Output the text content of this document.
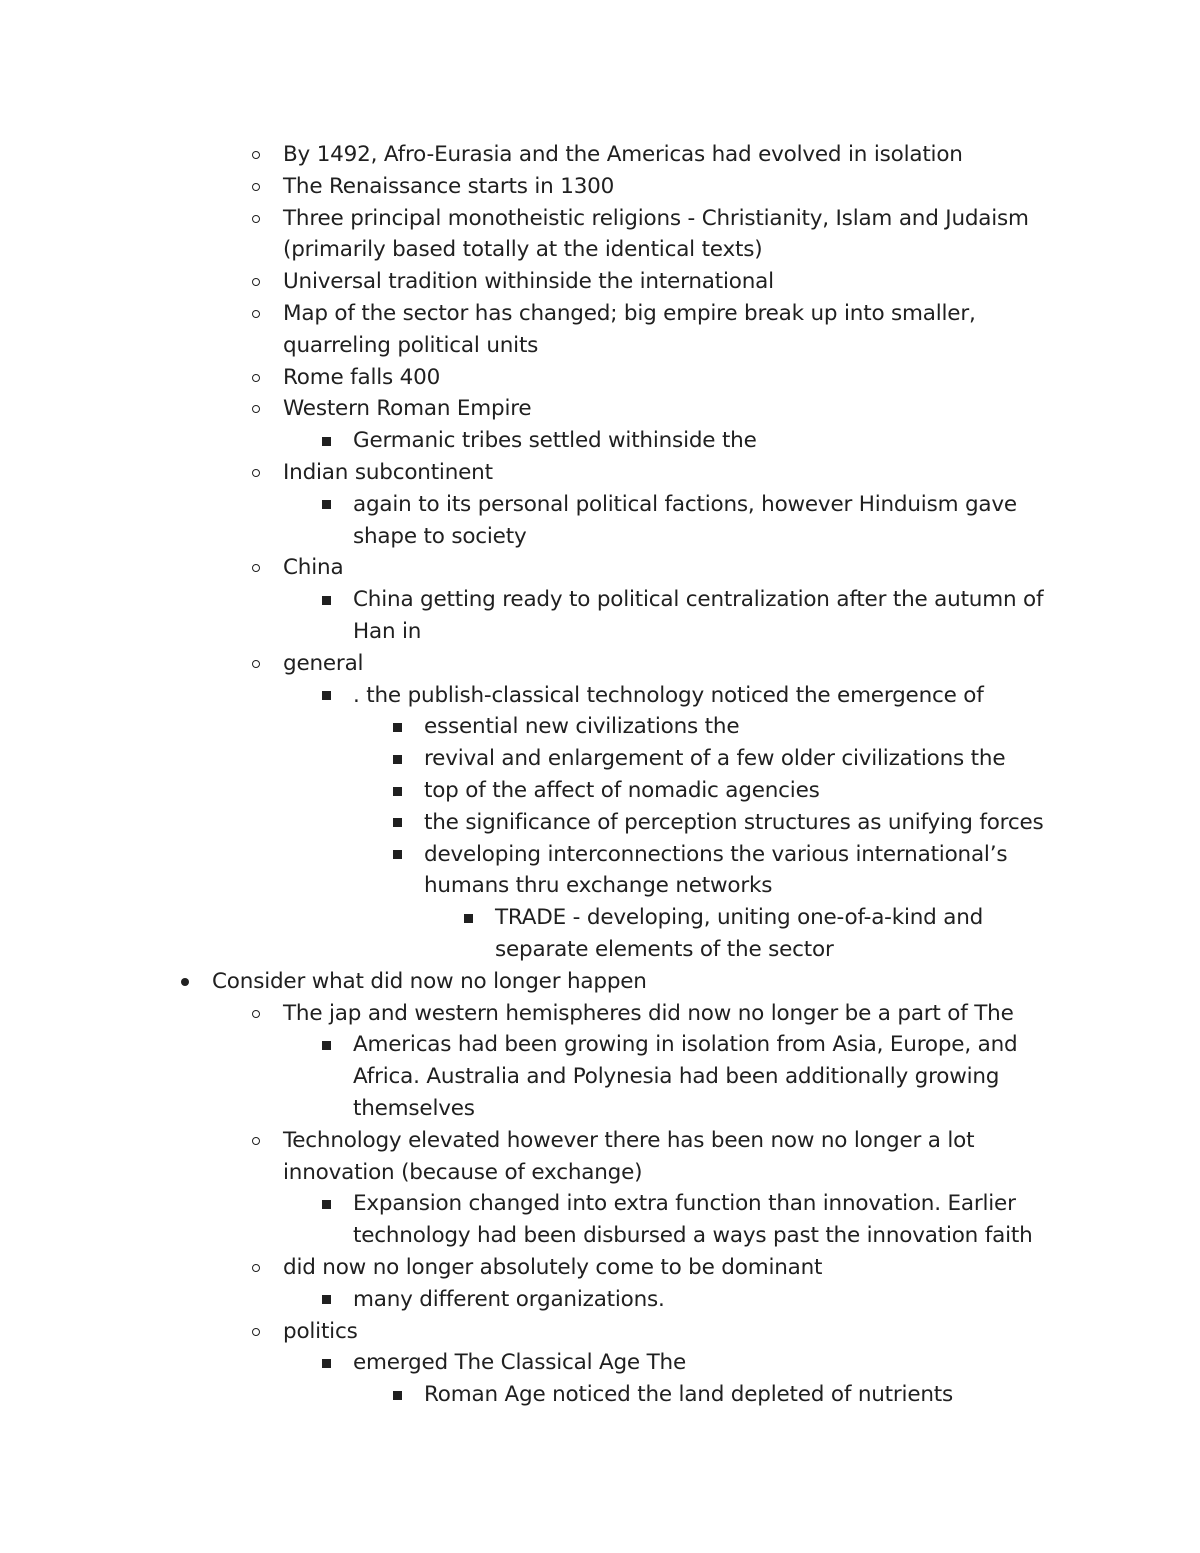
By 1492, Afro-Eurasia and the Americas had evolved in isolation
The Renaissance starts in 1300
Three principal monotheistic religions - Christianity, Islam and Judaism
(primarily based totally at the identical texts)
Universal tradition withinside the international
Map of the sector has changed; big empire break up into smaller,
quarreling political units
Rome falls 400
Western Roman Empire
Germanic tribes settled withinside the
Indian subcontinent
again to its personal political factions, however Hinduism gave
shape to society
China
China getting ready to political centralization after the autumn of
Han in
general
. the publish-classical technology noticed the emergence of
essential new civilizations the
revival and enlargement of a few older civilizations the
top of the affect of nomadic agencies
the significance of perception structures as unifying forces
developing interconnections the various international’s
humans thru exchange networks
TRADE - developing, uniting one-of-a-kind and
separate elements of the sector
Consider what did now no longer happen
The jap and western hemispheres did now no longer be a part of The
Americas had been growing in isolation from Asia, Europe, and
Africa. Australia and Polynesia had been additionally growing
themselves
Technology elevated however there has been now no longer a lot
innovation (because of exchange)
Expansion changed into extra function than innovation. Earlier
technology had been disbursed a ways past the innovation faith
did now no longer absolutely come to be dominant
many different organizations.
politics
emerged The Classical Age The
Roman Age noticed the land depleted of nutrients
